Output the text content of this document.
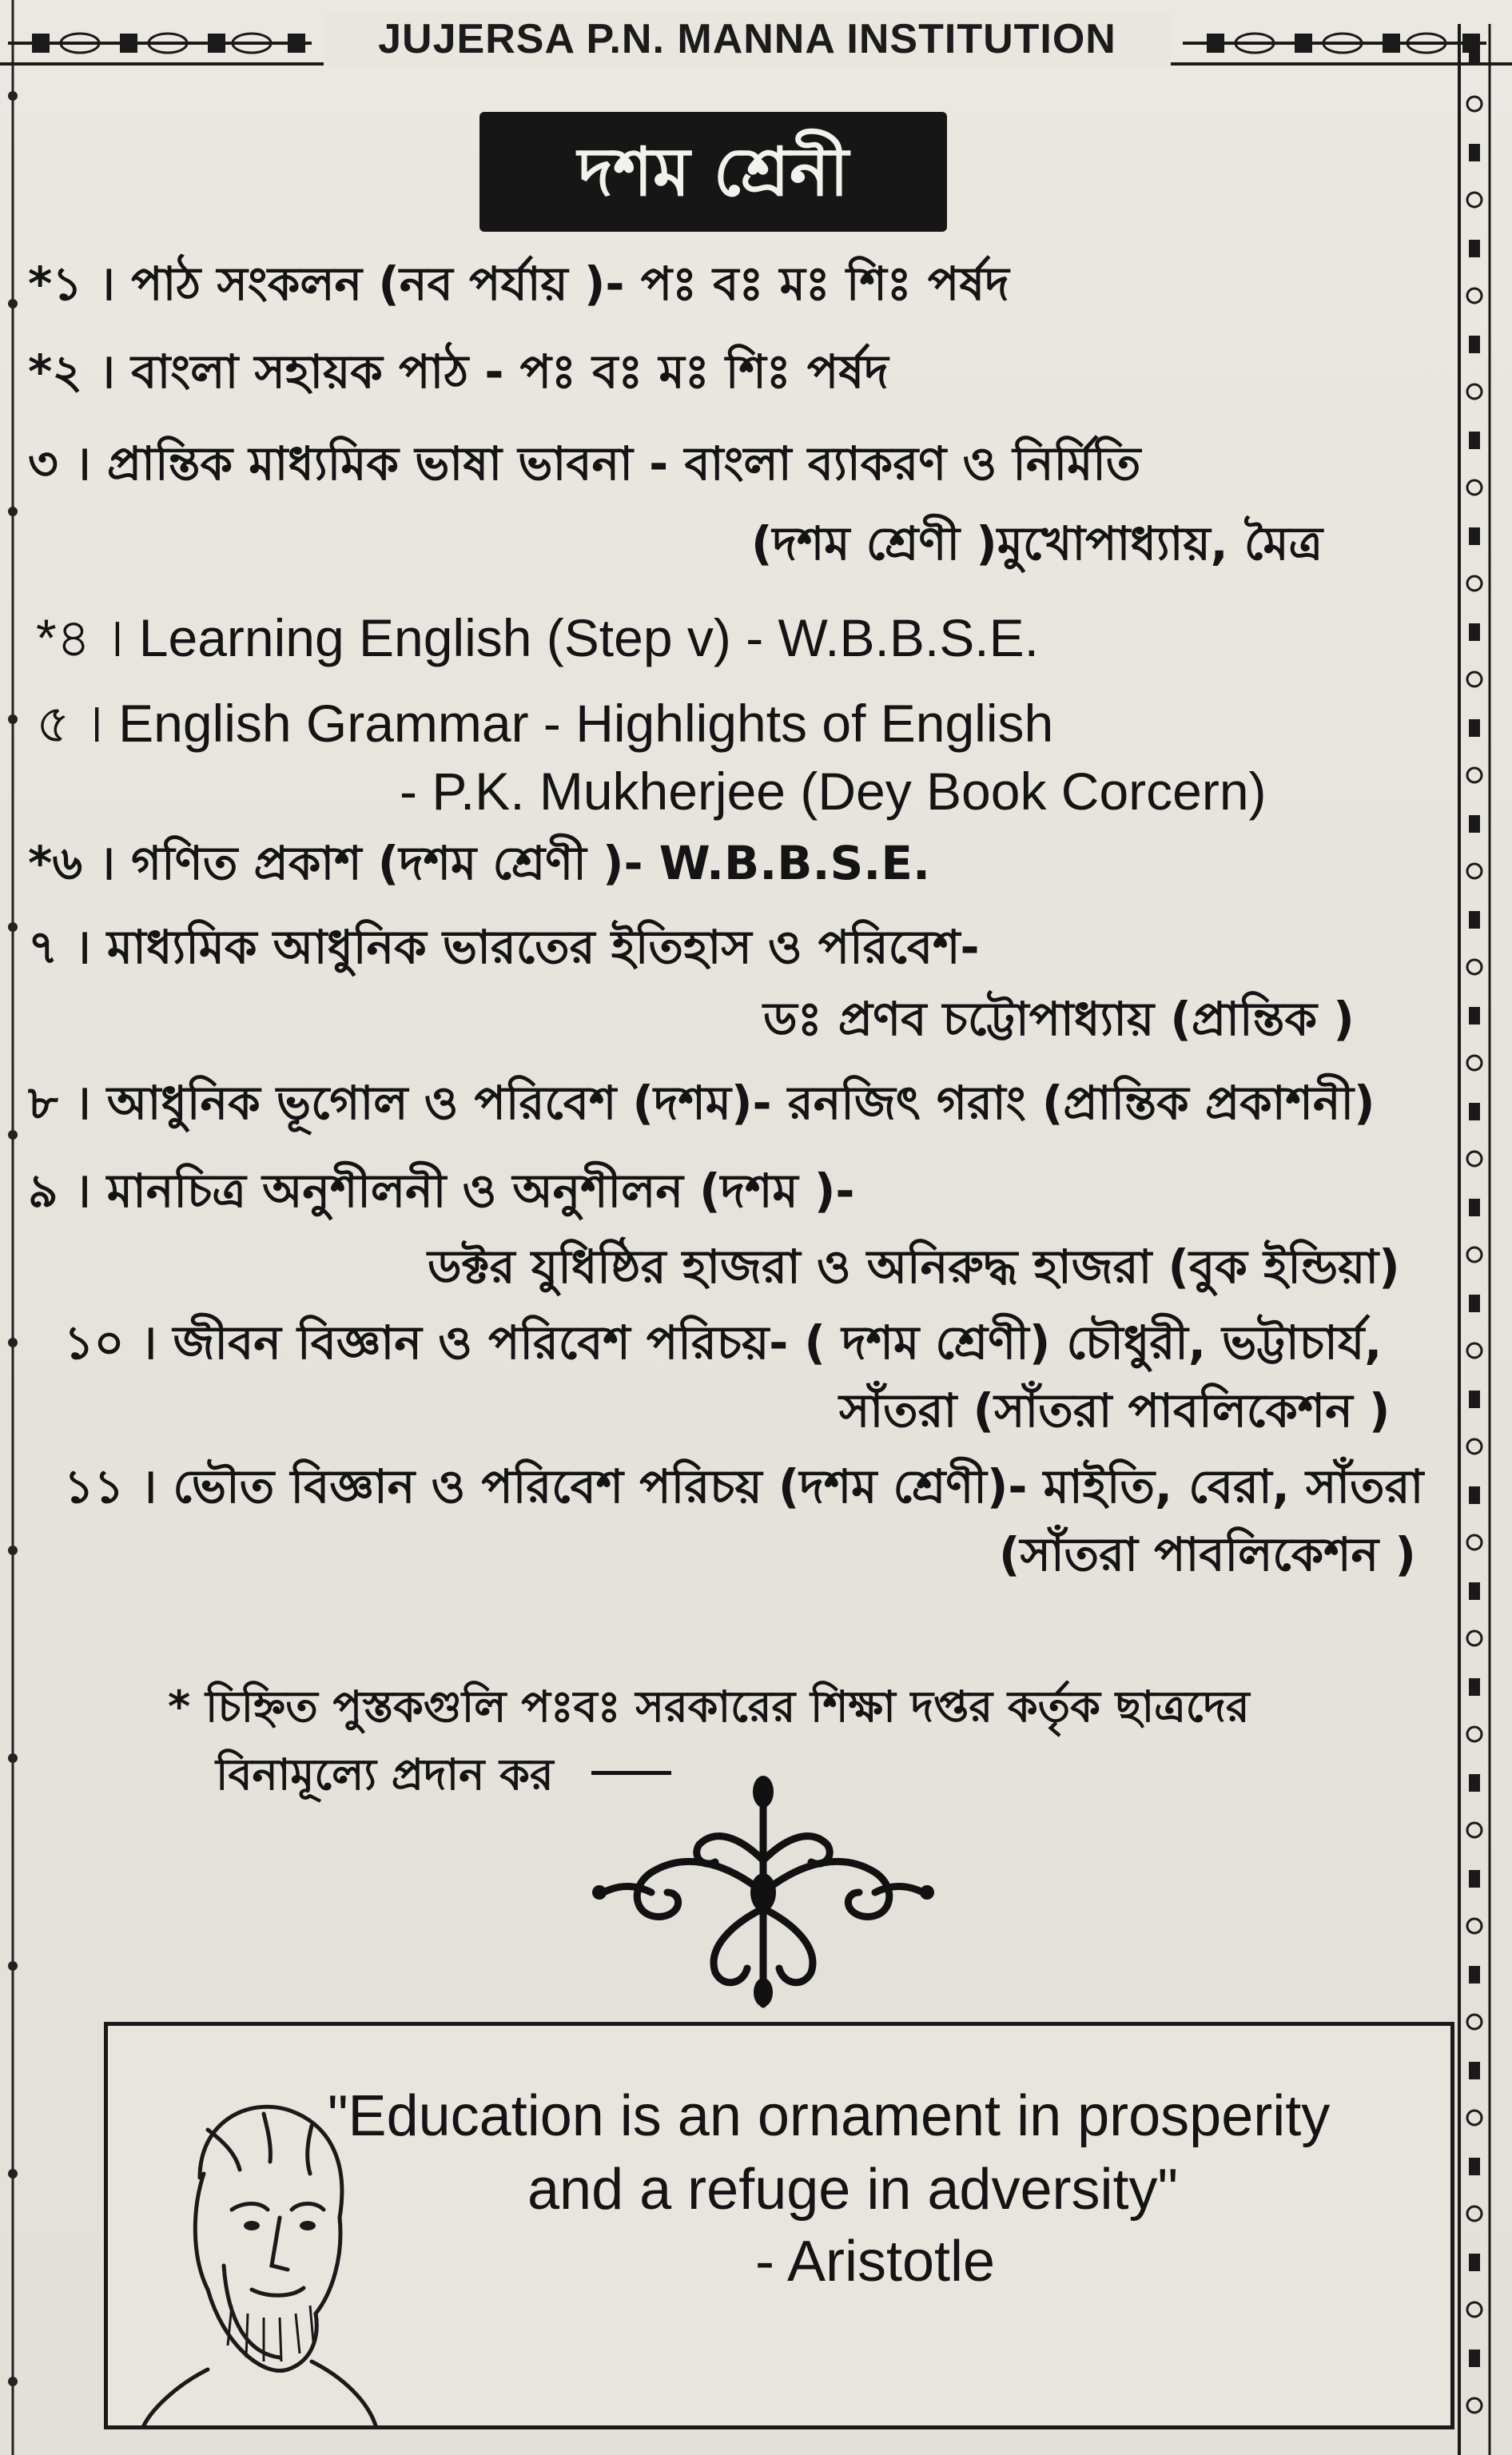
JUJERSA P.N. MANNA INSTITUTION
দশম শ্রেনী
*১ । পাঠ সংকলন (নব পর্যায় )- পঃ বঃ মঃ শিঃ পর্ষদ
*২ । বাংলা সহায়ক পাঠ - পঃ বঃ মঃ শিঃ পর্ষদ
৩ । প্রান্তিক মাধ্যমিক ভাষা ভাবনা - বাংলা ব্যাকরণ ও নির্মিতি
(দশম শ্রেণী )মুখোপাধ্যায়, মৈত্র
*৪ । Learning English (Step v) - W.B.B.S.E.
৫ । English Grammar - Highlights of English
- P.K. Mukherjee (Dey Book Corcern)
*৬ । গণিত প্রকাশ (দশম শ্রেণী )- W.B.B.S.E.
৭ । মাধ্যমিক আধুনিক ভারতের ইতিহাস ও পরিবেশ-
ডঃ প্রণব চট্টোপাধ্যায় (প্রান্তিক )
৮ । আধুনিক ভূগোল ও পরিবেশ (দশম)- রনজিৎ গরাং (প্রান্তিক প্রকাশনী)
৯ । মানচিত্র অনুশীলনী ও অনুশীলন (দশম )-
ডক্টর যুধিষ্ঠির হাজরা ও অনিরুদ্ধ হাজরা (বুক ইন্ডিয়া)
১০ । জীবন বিজ্ঞান ও পরিবেশ পরিচয়- ( দশম শ্রেণী) চৌধুরী, ভট্টাচার্য,
সাঁতরা (সাঁতরা পাবলিকেশন )
১১ । ভৌত বিজ্ঞান ও পরিবেশ পরিচয় (দশম শ্রেণী)- মাইতি, বেরা, সাঁতরা
(সাঁতরা পাবলিকেশন )
* চিহ্নিত পুস্তকগুলি পঃবঃ সরকারের শিক্ষা দপ্তর কর্তৃক ছাত্রদের
বিনামূল্যে প্রদান কর
"Education is an ornament in prosperity
and a refuge in adversity"
- Aristotle
